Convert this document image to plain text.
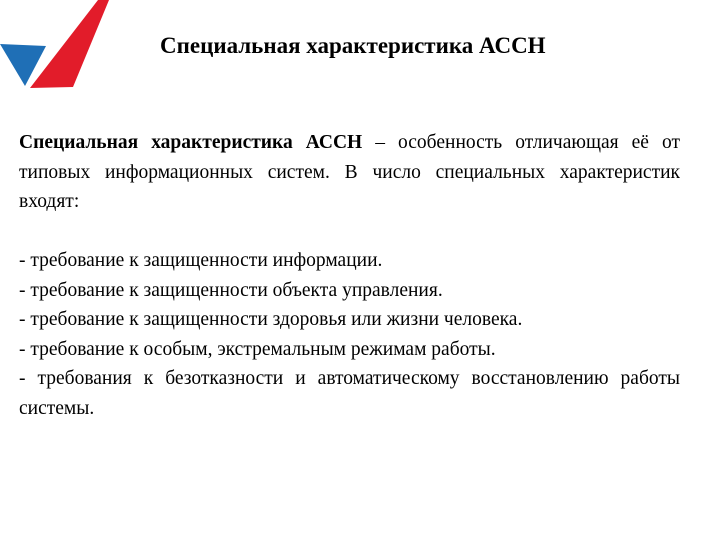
Специальная характеристика АССН

Специальная характеристика АССН – особенность отличающая её от типовых информационных систем. В число специальных характеристик входят:

- требование к защищенности информации.
- требование к защищенности объекта управления.
- требование к защищенности здоровья или жизни человека.
- требование к особым, экстремальным режимам работы.
- требования к безотказности и автоматическому восстановлению работы системы.
